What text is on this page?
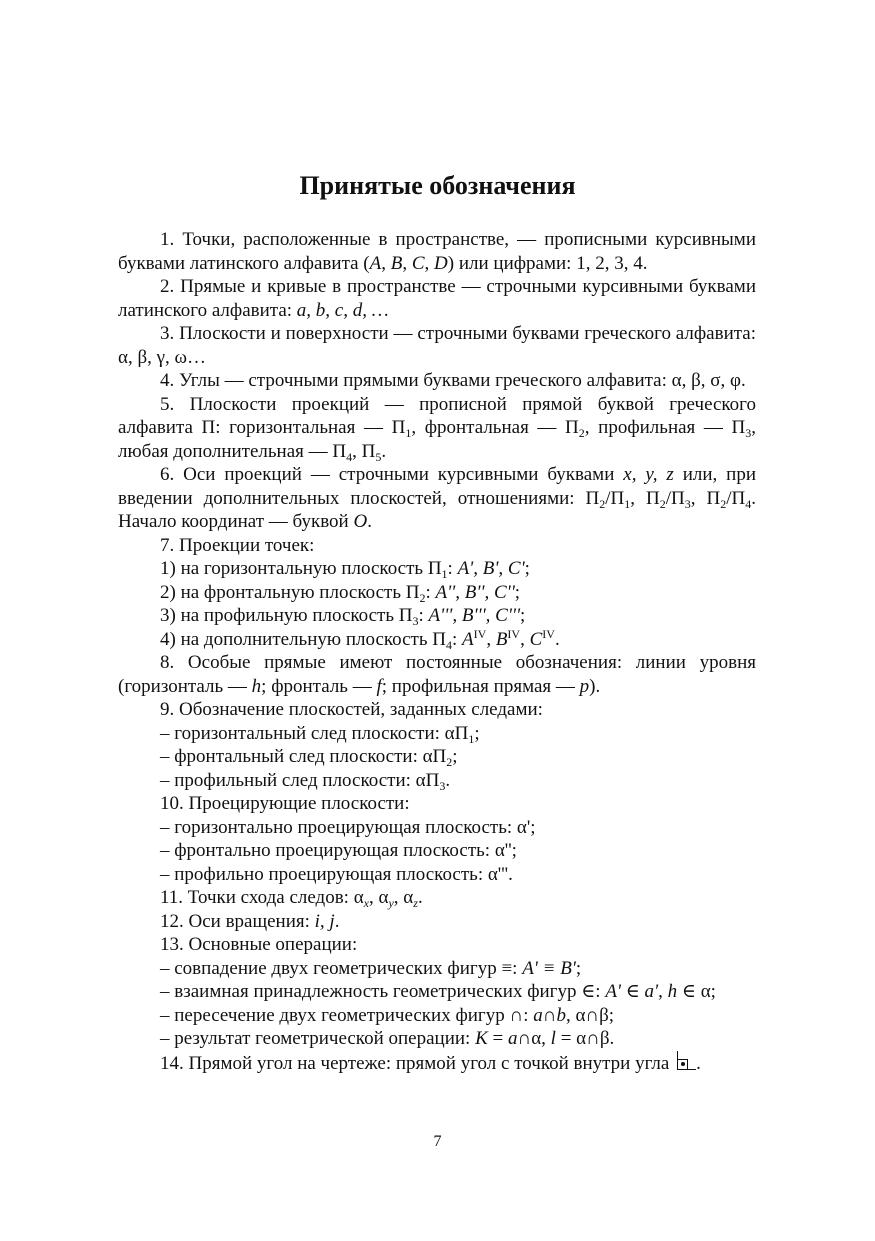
Принятые обозначения

1. Точки, расположенные в пространстве, — прописными курсивными буквами латинского алфавита (A, B, C, D) или цифрами: 1, 2, 3, 4.

2. Прямые и кривые в пространстве — строчными курсивными буквами латинского алфавита: a, b, c, d, …

3. Плоскости и поверхности — строчными буквами греческого алфавита: α, β, γ, ω…

4. Углы — строчными прямыми буквами греческого алфавита: α, β, σ, φ.

5. Плоскости проекций — прописной прямой буквой греческого алфавита П: горизонтальная — $П_1$, фронтальная — $П_2$, профильная — $П_3$, любая дополнительная — $П_4$, $П_5$.

6. Оси проекций — строчными курсивными буквами x, y, z или, при введении дополнительных плоскостей, отношениями: $П_2/П_1$, $П_2/П_3$, $П_2/П_4$. Начало координат — буквой O.

7. Проекции точек:

1) на горизонтальную плоскость $П_1$: A', B', C';

2) на фронтальную плоскость $П_2$: A'', B'', C'';

3) на профильную плоскость $П_3$: A''', B''', C''';

4) на дополнительную плоскость $П_4$: $A^{IV}$, $B^{IV}$, $C^{IV}$.

8. Особые прямые имеют постоянные обозначения: линии уровня (горизонталь — h; фронталь — f; профильная прямая — p).

9. Обозначение плоскостей, заданных следами:

– горизонтальный след плоскости: $\alpha П_1$;

– фронтальный след плоскости: $\alpha П_2$;

– профильный след плоскости: $\alpha П_3$.

10. Проецирующие плоскости:

– горизонтально проецирующая плоскость: α';

– фронтально проецирующая плоскость: α'';

– профильно проецирующая плоскость: α'''.

11. Точки схода следов: $\alpha_x$, $\alpha_y$, $\alpha_z$.

12. Оси вращения: i, j.

13. Основные операции:

– совпадение двух геометрических фигур ≡: A' ≡ B';

– взаимная принадлежность геометрических фигур ∈: A' ∈ a', h ∈ α;

– пересечение двух геометрических фигур ∩: a∩b, α∩β;

– результат геометрической операции: K = a∩α, l = α∩β.

14. Прямой угол на чертеже: прямой угол с точкой внутри угла
.

7
